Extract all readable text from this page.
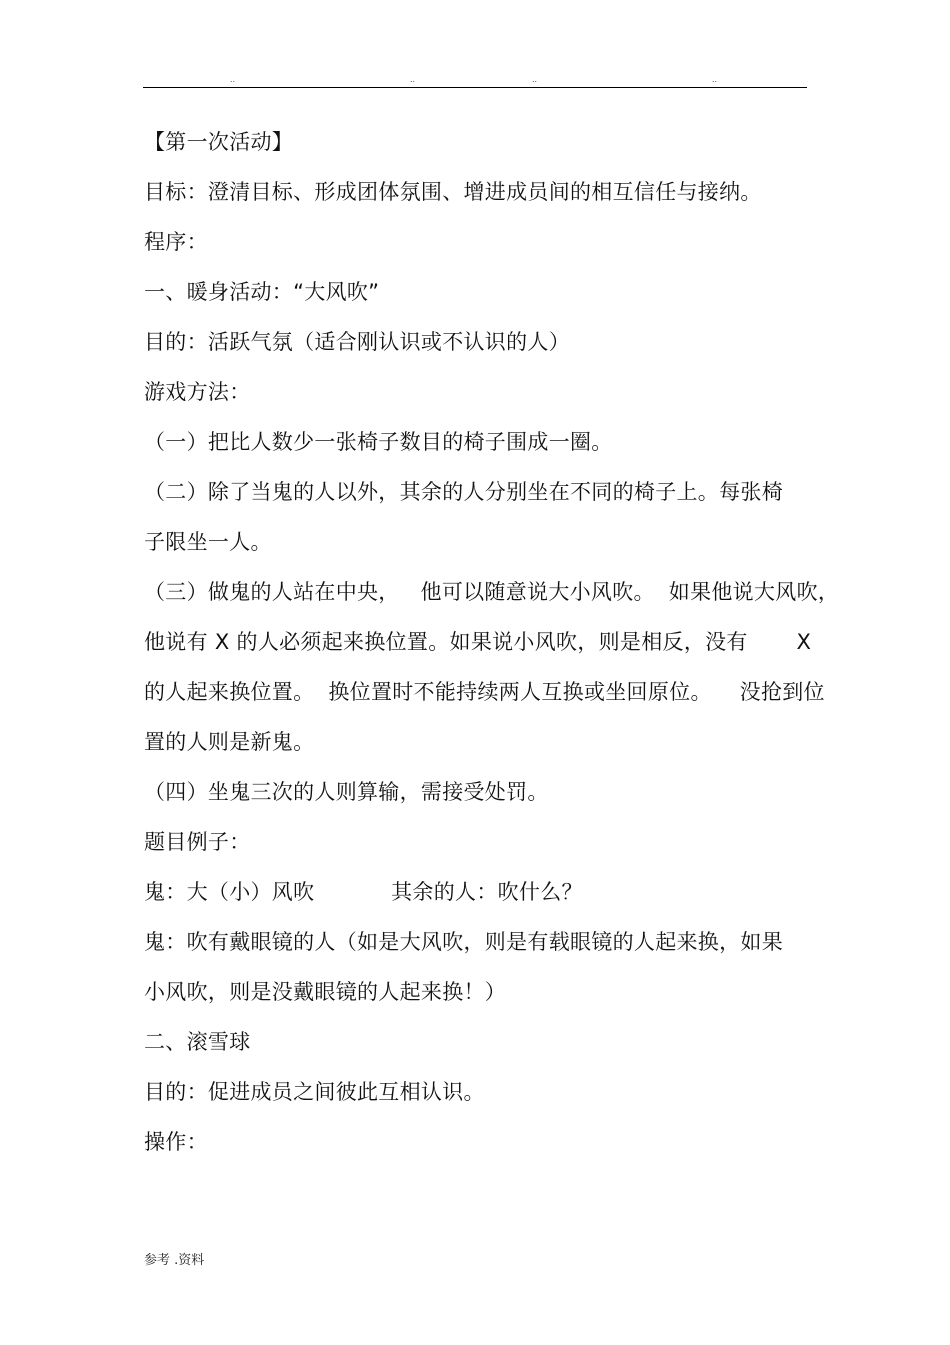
..	..	..	..
【第一次活动】
目标：澄清目标、形成团体氛围、增进成员间的相互信任与接纳。
程序：
一、暖身活动：“大风吹”
目的：活跃气氛（适合刚认识或不认识的人）
游戏方法：
（一）把比人数少一张椅子数目的椅子围成一圈。
（二）除了当鬼的人以外，其余的人分别坐在不同的椅子上。每张椅
子限坐一人。
（三）做鬼的人站在中央，   他可以随意说大小风吹。  如果他说大风吹，
他说有 X 的人必须起来换位置。如果说小风吹，则是相反，没有       X
的人起来换位置。  换位置时不能持续两人互换或坐回原位。    没抢到位
置的人则是新鬼。
（四）坐鬼三次的人则算输，需接受处罚。
题目例子：
鬼：大（小）风吹           其余的人：吹什么？
鬼：吹有戴眼镜的人（如是大风吹，则是有载眼镜的人起来换，如果
小风吹，则是没戴眼镜的人起来换！）
二、滚雪球
目的：促进成员之间彼此互相认识。
操作：
参考 .资料
